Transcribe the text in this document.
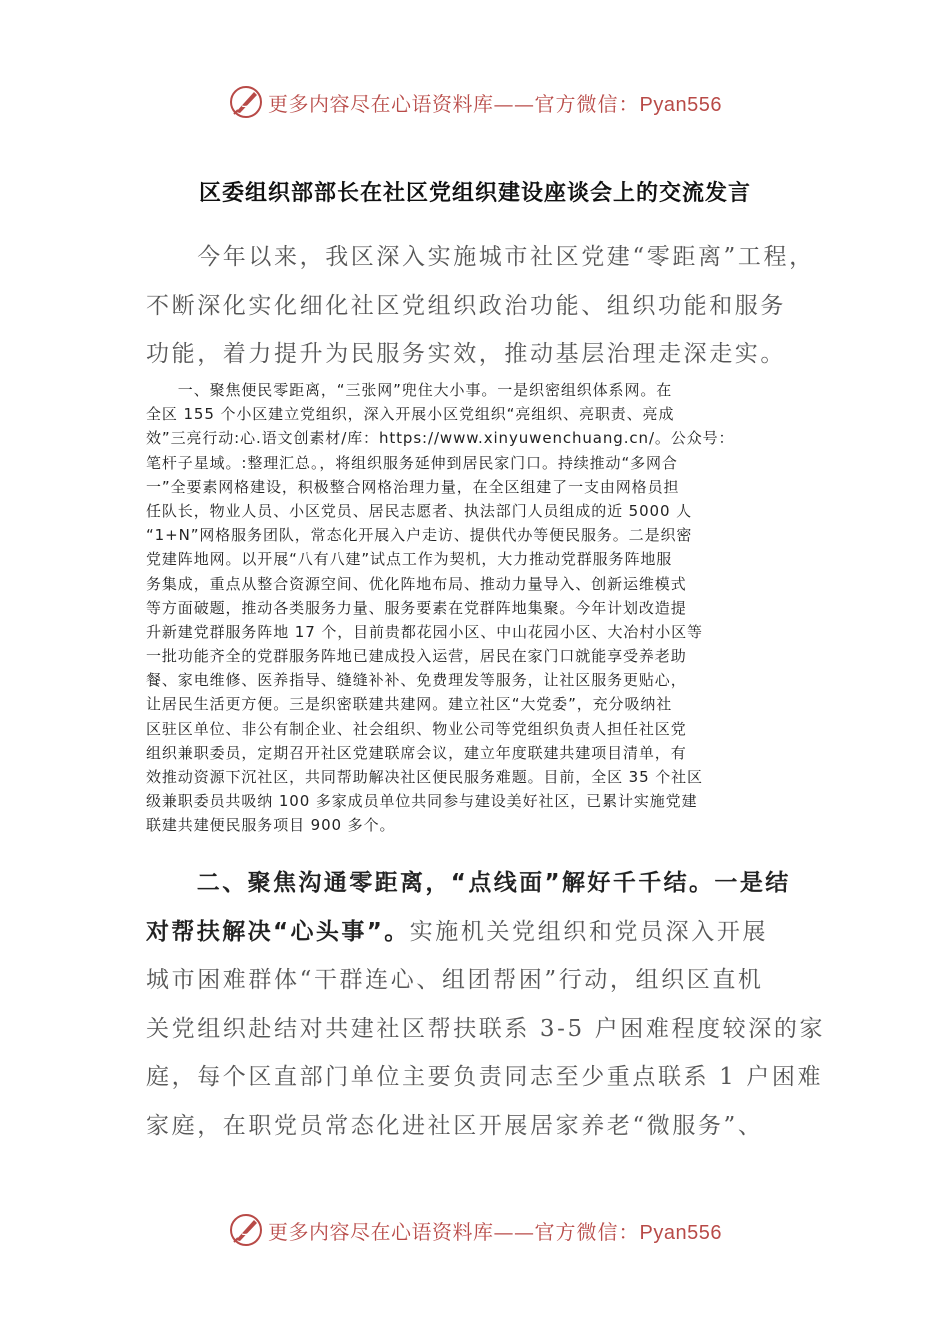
更多内容尽在心语资料库——官方微信：Pyan556
区委组织部部长在社区党组织建设座谈会上的交流发言
　　今年以来，我区深入实施城市社区党建“零距离”工程，
不断深化实化细化社区党组织政治功能、组织功能和服务
功能，着力提升为民服务实效，推动基层治理走深走实。
　　一、聚焦便民零距离，“三张网”兜住大小事。一是织密组织体系网。在
全区 155 个小区建立党组织，深入开展小区党组织“亮组织、亮职责、亮成
效”三亮行动:心.语文创素材/库：https://www.xinyuwenchuang.cn/。公众号：
笔杆子星域。:整理汇总。，将组织服务延伸到居民家门口。持续推动“多网合
一”全要素网格建设，积极整合网格治理力量，在全区组建了一支由网格员担
任队长，物业人员、小区党员、居民志愿者、执法部门人员组成的近 5000 人
“1+N”网格服务团队，常态化开展入户走访、提供代办等便民服务。二是织密
党建阵地网。以开展“八有八建”试点工作为契机，大力推动党群服务阵地服
务集成，重点从整合资源空间、优化阵地布局、推动力量导入、创新运维模式
等方面破题，推动各类服务力量、服务要素在党群阵地集聚。今年计划改造提
升新建党群服务阵地 17 个，目前贵都花园小区、中山花园小区、大冶村小区等
一批功能齐全的党群服务阵地已建成投入运营，居民在家门口就能享受养老助
餐、家电维修、医养指导、缝缝补补、免费理发等服务，让社区服务更贴心，
让居民生活更方便。三是织密联建共建网。建立社区“大党委”，充分吸纳社
区驻区单位、非公有制企业、社会组织、物业公司等党组织负责人担任社区党
组织兼职委员，定期召开社区党建联席会议，建立年度联建共建项目清单，有
效推动资源下沉社区，共同帮助解决社区便民服务难题。目前，全区 35 个社区
级兼职委员共吸纳 100 多家成员单位共同参与建设美好社区，已累计实施党建
联建共建便民服务项目 900 多个。
　　二、聚焦沟通零距离，“点线面”解好千千结。一是结
对帮扶解决“心头事”。实施机关党组织和党员深入开展
城市困难群体“干群连心、组团帮困”行动，组织区直机
关党组织赴结对共建社区帮扶联系 3-5 户困难程度较深的家
庭，每个区直部门单位主要负责同志至少重点联系 1 户困难
家庭，在职党员常态化进社区开展居家养老“微服务”、
更多内容尽在心语资料库——官方微信：Pyan556
